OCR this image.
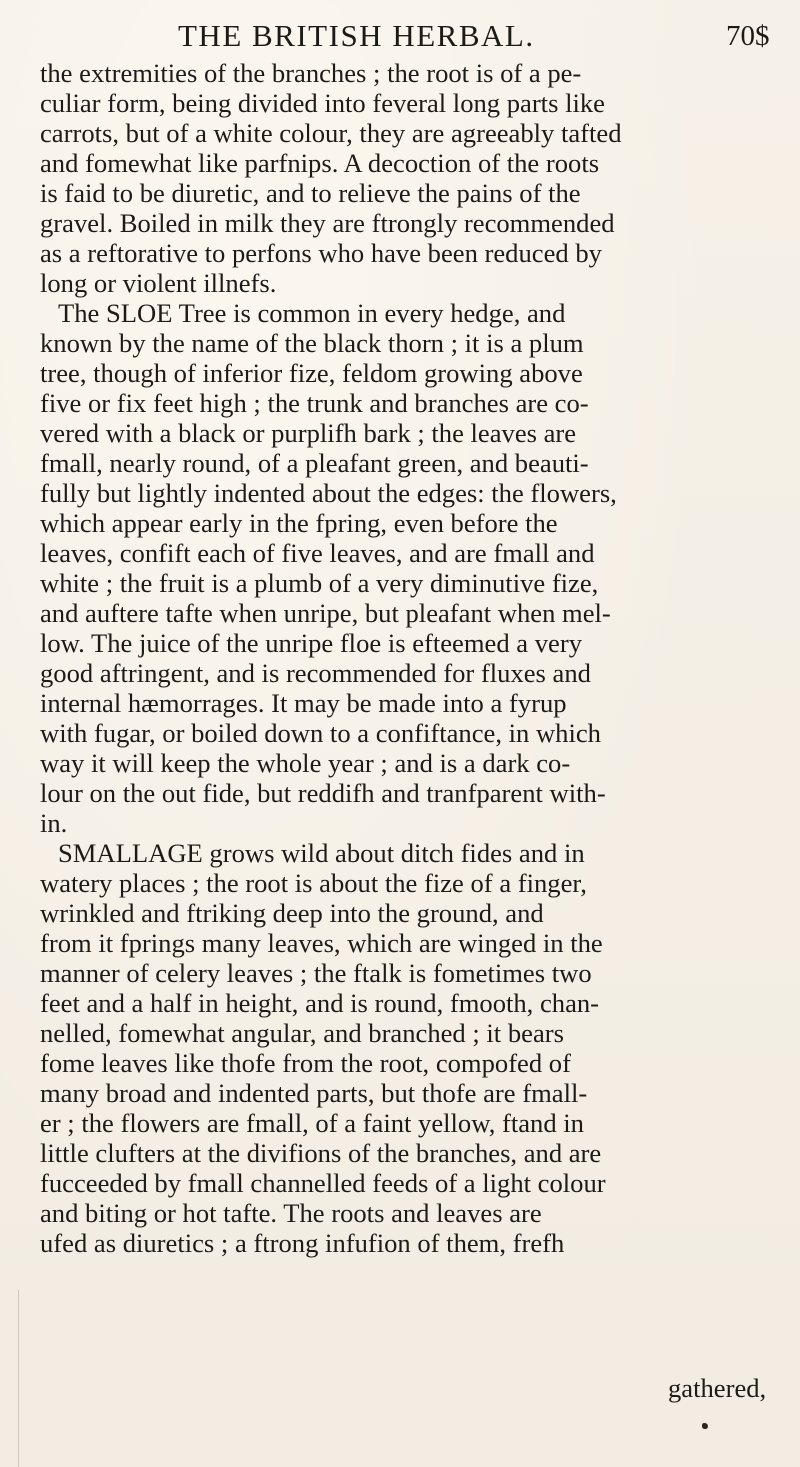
THE BRITISH HERBAL.	70$
the extremities of the branches ; the root is of a pe-
culiar form, being divided into feveral long parts like
carrots, but of a white colour, they are agreeably tafted
and fomewhat like parfnips. A decoction of the roots
is faid to be diuretic, and to relieve the pains of the
gravel. Boiled in milk they are ftrongly recommended
as a reftorative to perfons who have been reduced by
long or violent illnefs.
The SLOE Tree is common in every hedge, and
known by the name of the black thorn ; it is a plum
tree, though of inferior fize, feldom growing above
five or fix feet high ; the trunk and branches are co-
vered with a black or purplifh bark ; the leaves are
fmall, nearly round, of a pleafant green, and beauti-
fully but lightly indented about the edges: the flowers,
which appear early in the fpring, even before the
leaves, confift each of five leaves, and are fmall and
white ; the fruit is a plumb of a very diminutive fize,
and auftere tafte when unripe, but pleafant when mel-
low. The juice of the unripe floe is efteemed a very
good aftringent, and is recommended for fluxes and
internal hæmorrages. It may be made into a fyrup
with fugar, or boiled down to a confiftance, in which
way it will keep the whole year ; and is a dark co-
lour on the out fide, but reddifh and tranfparent with-
in.
SMALLAGE grows wild about ditch fides and in
watery places ; the root is about the fize of a finger,
wrinkled and ftriking deep into the ground, and
from it fprings many leaves, which are winged in the
manner of celery leaves ; the ftalk is fometimes two
feet and a half in height, and is round, fmooth, chan-
nelled, fomewhat angular, and branched ; it bears
fome leaves like thofe from the root, compofed of
many broad and indented parts, but thofe are fmall-
er ; the flowers are fmall, of a faint yellow, ftand in
little clufters at the divifions of the branches, and are
fucceeded by fmall channelled feeds of a light colour
and biting or hot tafte. The roots and leaves are
ufed as diuretics ; a ftrong infufion of them, frefh
gathered,
